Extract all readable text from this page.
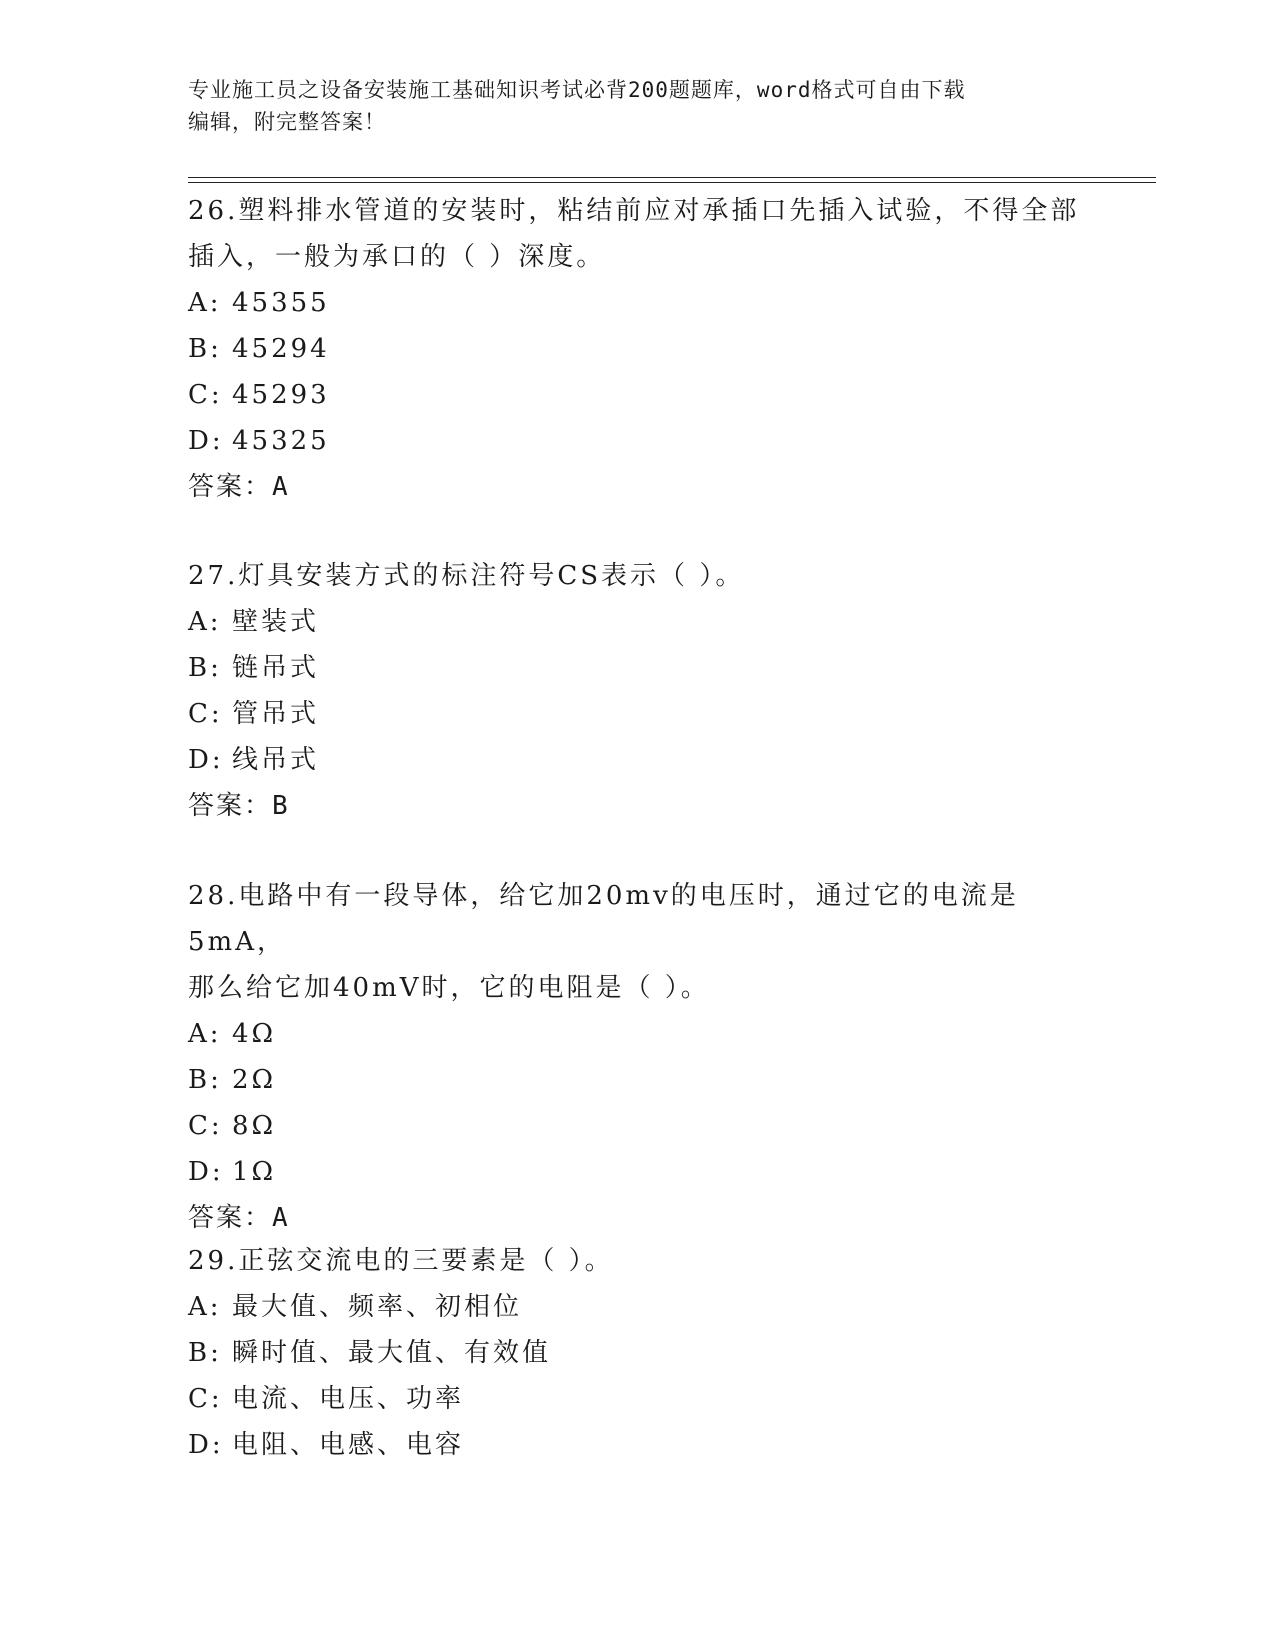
专业施工员之设备安装施工基础知识考试必背200题题库，word格式可自由下载
编辑，附完整答案！
26.塑料排水管道的安装时，粘结前应对承插口先插入试验，不得全部
插入，一般为承口的（ ）深度。
A: 45355
B: 45294
C: 45293
D: 45325
答案：A
27.灯具安装方式的标注符号CS表示（ ）。
A: 壁装式
B: 链吊式
C: 管吊式
D: 线吊式
答案：B
28.电路中有一段导体，给它加20mv的电压时，通过它的电流是5mA，
那么给它加40mV时，它的电阻是（ ）。
A: 4Ω
B: 2Ω
C: 8Ω
D: 1Ω
答案：A
29.正弦交流电的三要素是（ ）。
A: 最大值、频率、初相位
B: 瞬时值、最大值、有效值
C: 电流、电压、功率
D: 电阻、电感、电容
